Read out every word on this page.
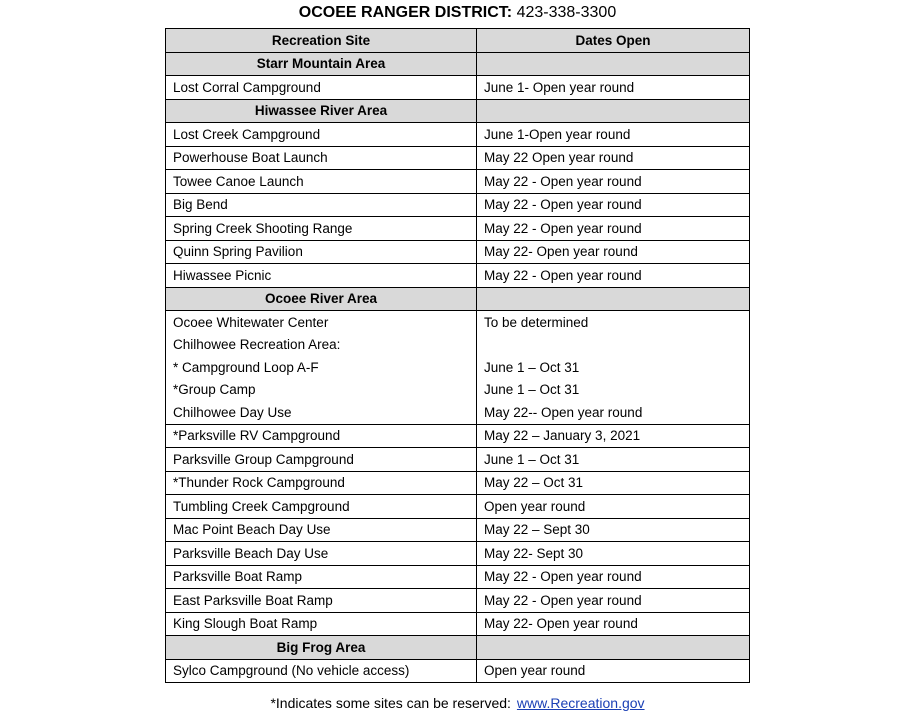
OCOEE RANGER DISTRICT: 423-338-3300
Recreation Site	Dates Open
Starr Mountain Area	
Lost Corral Campground	June 1- Open year round
Hiwassee River Area	
Lost Creek Campground	June 1-Open year round
Powerhouse Boat Launch	May 22 Open year round
Towee Canoe Launch	May 22 - Open year round
Big Bend	May 22 - Open year round
Spring Creek Shooting Range	May 22 - Open year round
Quinn Spring Pavilion	May 22- Open year round
Hiwassee Picnic	May 22 - Open year round
Ocoee River Area	
Ocoee Whitewater Center	To be determined
Chilhowee Recreation Area:	
* Campground Loop A-F	June 1 – Oct 31
*Group Camp	June 1 – Oct 31
Chilhowee Day Use	May 22-- Open year round
*Parksville RV Campground	May 22 – January 3, 2021
Parksville Group Campground	June 1 – Oct 31
*Thunder Rock Campground	May 22 – Oct 31
Tumbling Creek Campground	Open year round
Mac Point Beach Day Use	May 22 – Sept 30
Parksville Beach Day Use	May 22- Sept 30
Parksville Boat Ramp	May 22 - Open year round
East Parksville Boat Ramp	May 22 - Open year round
King Slough Boat Ramp	May 22- Open year round
Big Frog Area	
Sylco Campground (No vehicle access)	Open year round
*Indicates some sites can be reserved: www.Recreation.gov
